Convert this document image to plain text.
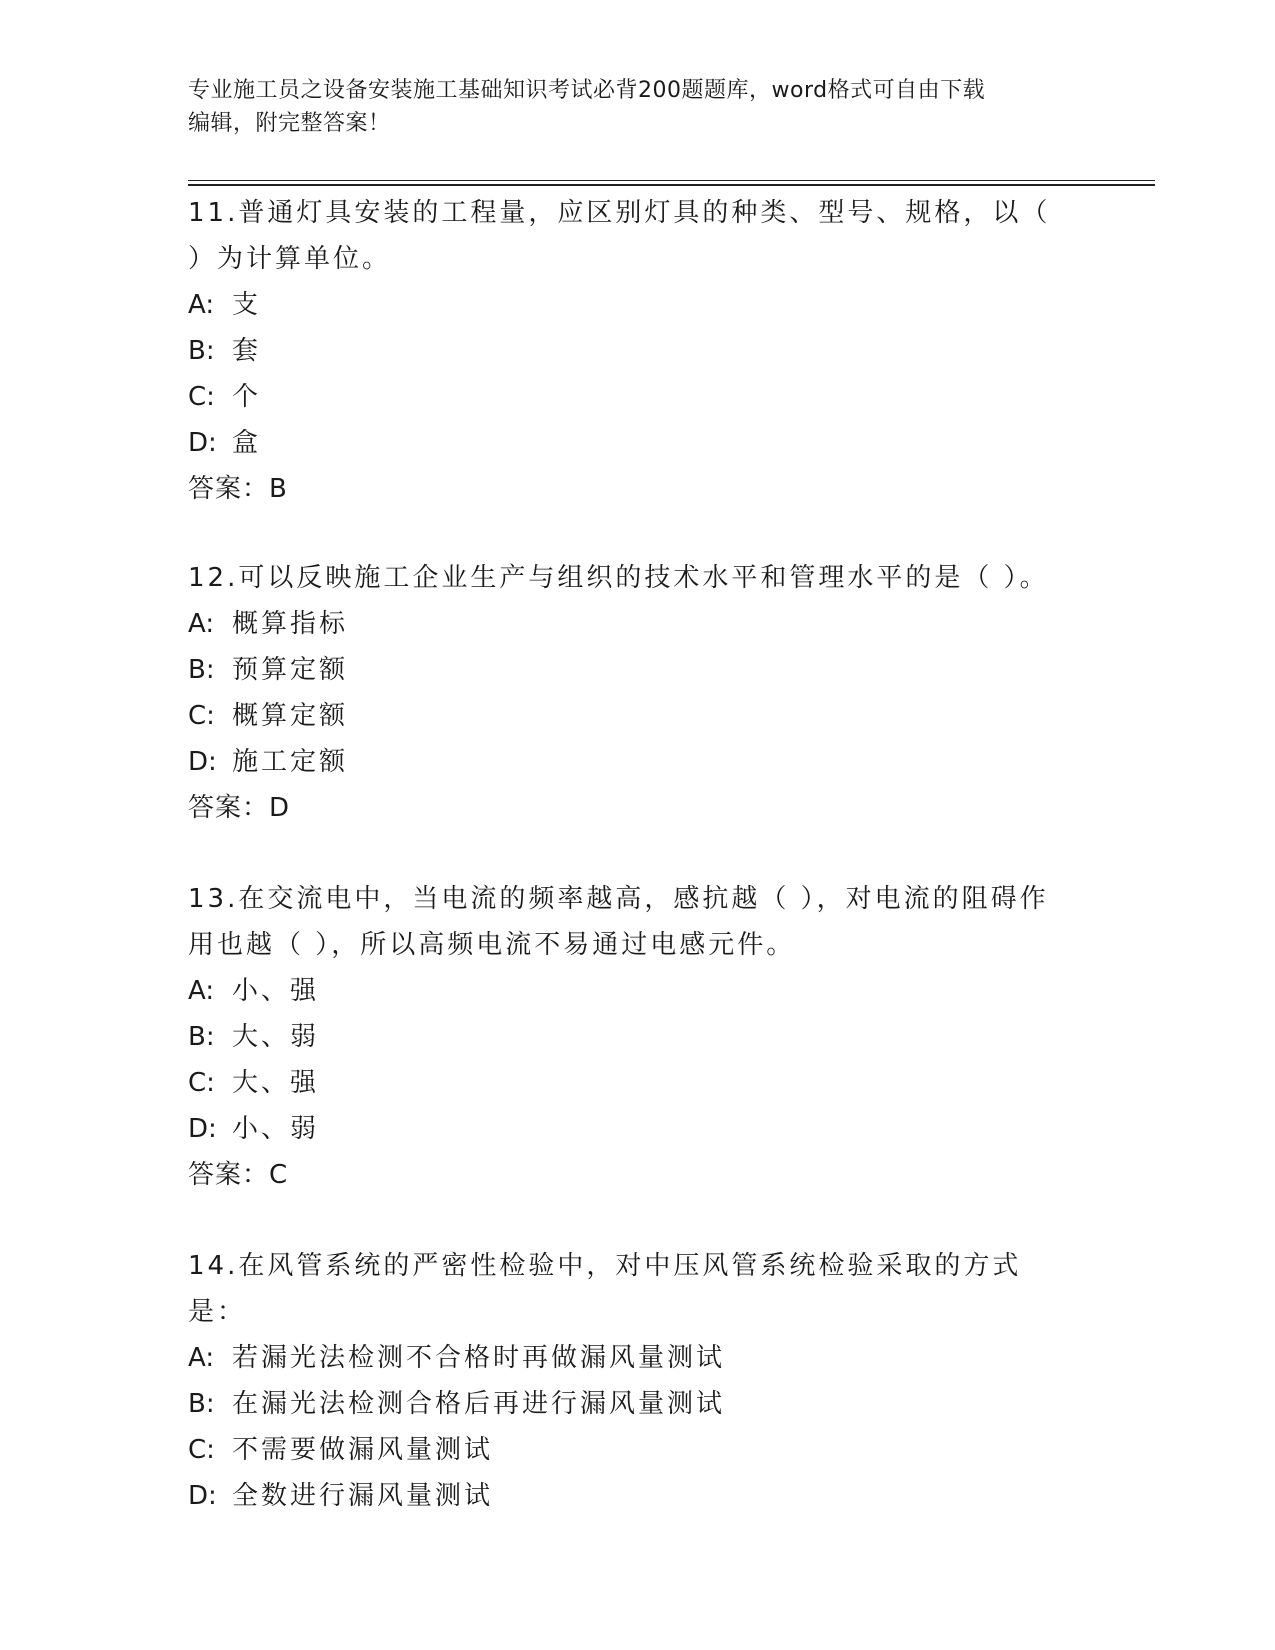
专业施工员之设备安装施工基础知识考试必背200题题库，word格式可自由下载
编辑，附完整答案！

11.普通灯具安装的工程量，应区别灯具的种类、型号、规格，以（

）为计算单位。

A: 支

B: 套

C: 个

D: 盒

答案：B

12.可以反映施工企业生产与组织的技术水平和管理水平的是（ ）。

A: 概算指标

B: 预算定额

C: 概算定额

D: 施工定额

答案：D

13.在交流电中，当电流的频率越高，感抗越（ ），对电流的阻碍作

用也越（ ），所以高频电流不易通过电感元件。

A: 小、强

B: 大、弱

C: 大、强

D: 小、弱

答案：C

14.在风管系统的严密性检验中，对中压风管系统检验采取的方式是：

A: 若漏光法检测不合格时再做漏风量测试

B: 在漏光法检测合格后再进行漏风量测试

C: 不需要做漏风量测试

D: 全数进行漏风量测试
